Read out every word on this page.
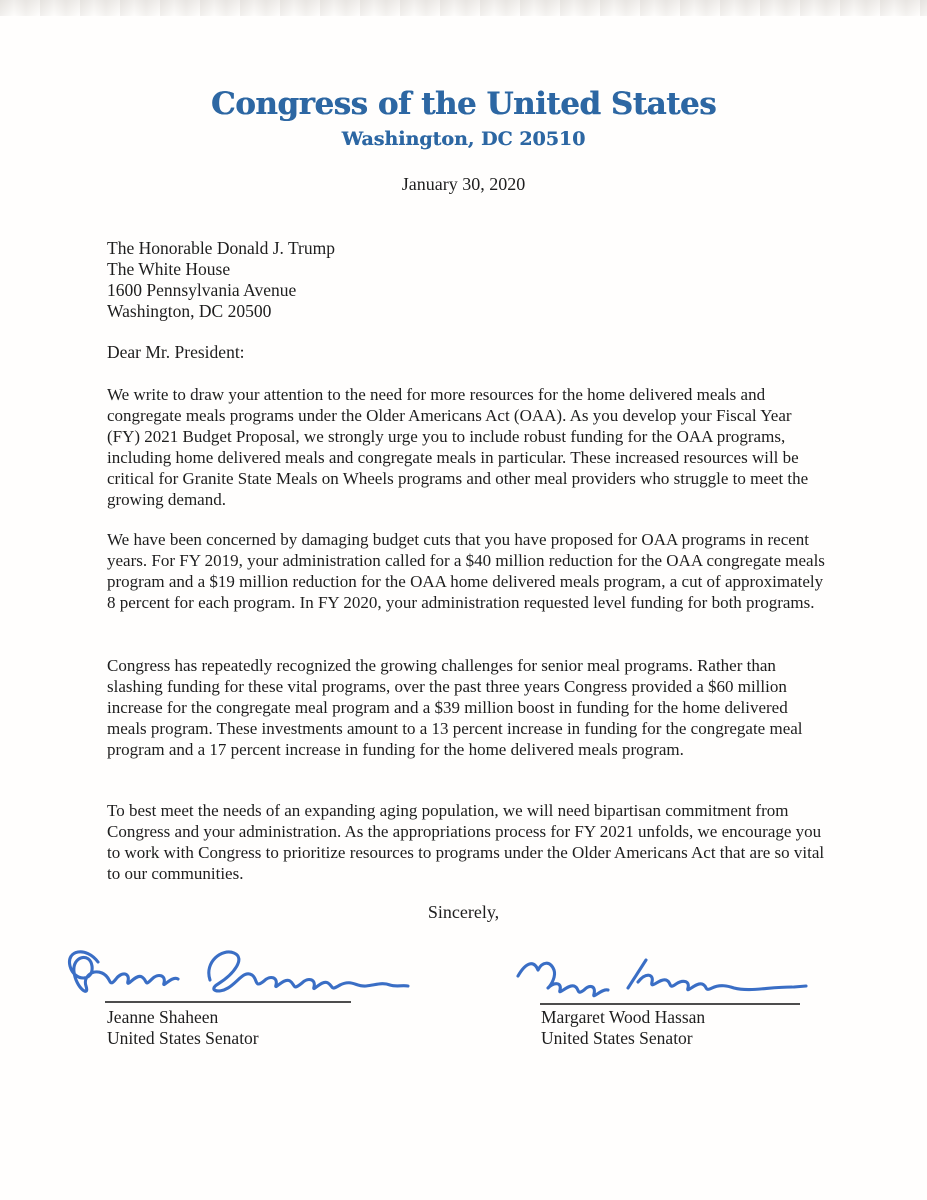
Congress of the United States
Washington, DC 20510
January 30, 2020
The Honorable Donald J. Trump
The White House
1600 Pennsylvania Avenue
Washington, DC 20500
Dear Mr. President:
We write to draw your attention to the need for more resources for the home delivered meals and congregate meals programs under the Older Americans Act (OAA). As you develop your Fiscal Year (FY) 2021 Budget Proposal, we strongly urge you to include robust funding for the OAA programs, including home delivered meals and congregate meals in particular. These increased resources will be critical for Granite State Meals on Wheels programs and other meal providers who struggle to meet the growing demand.
We have been concerned by damaging budget cuts that you have proposed for OAA programs in recent years. For FY 2019, your administration called for a $40 million reduction for the OAA congregate meals program and a $19 million reduction for the OAA home delivered meals program, a cut of approximately 8 percent for each program. In FY 2020, your administration requested level funding for both programs.
Congress has repeatedly recognized the growing challenges for senior meal programs. Rather than slashing funding for these vital programs, over the past three years Congress provided a $60 million increase for the congregate meal program and a $39 million boost in funding for the home delivered meals program. These investments amount to a 13 percent increase in funding for the congregate meal program and a 17 percent increase in funding for the home delivered meals program.
To best meet the needs of an expanding aging population, we will need bipartisan commitment from Congress and your administration. As the appropriations process for FY 2021 unfolds, we encourage you to work with Congress to prioritize resources to programs under the Older Americans Act that are so vital to our communities.
Sincerely,
Jeanne Shaheen
United States Senator
Margaret Wood Hassan
United States Senator
